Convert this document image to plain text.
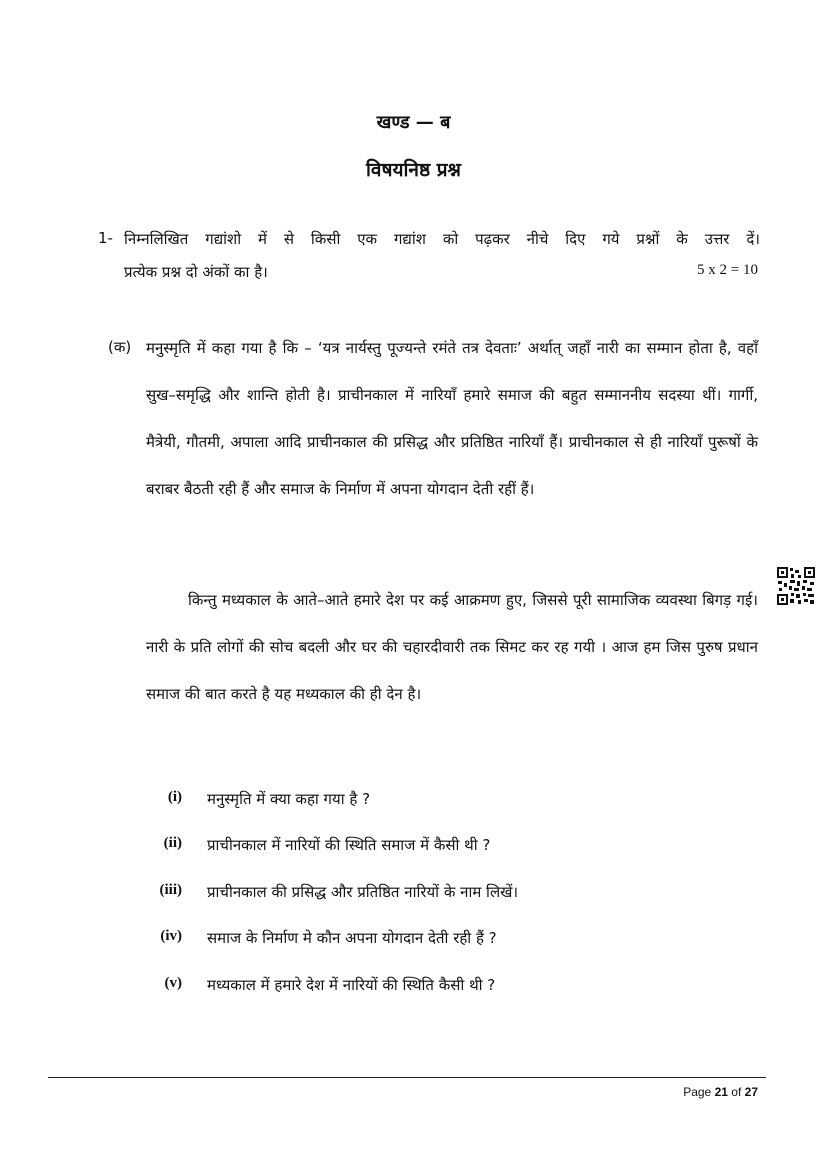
खण्ड — ब
विषयनिष्ठ प्रश्न
1- निम्नलिखित गद्यांशो में से किसी एक गद्यांश को पढ़कर नीचे दिए गये प्रश्नों के उत्तर दें।
प्रत्येक प्रश्न दो अंकों का है।	5 x 2 = 10
(क) मनुस्मृति में कहा गया है कि – ‘यत्र नार्यस्तु पूज्यन्ते रमंते तत्र देवताः’ अर्थात् जहाँ नारी का सम्मान होता है, वहाँ सुख–समृद्धि और शान्ति होती है। प्राचीनकाल में नारियाँ हमारे समाज की बहुत सम्माननीय सदस्या थीं। गार्गी, मैत्रेयी, गौतमी, अपाला आदि प्राचीनकाल की प्रसिद्ध और प्रतिष्ठित नारियाँ हैं। प्राचीनकाल से ही नारियाँ पुरूषों के बराबर बैठती रही हैं और समाज के निर्माण में अपना योगदान देती रहीं हैं।
किन्तु मध्यकाल के आते–आते हमारे देश पर कई आक्रमण हुए, जिससे पूरी सामाजिक व्यवस्था बिगड़ गई। नारी के प्रति लोगों की सोच बदली और घर की चहारदीवारी तक सिमट कर रह गयी । आज हम जिस पुरुष प्रधान समाज की बात करते है यह मध्यकाल की ही देन है।
(i) मनुस्मृति में क्या कहा गया है ?
(ii) प्राचीनकाल में नारियों की स्थिति समाज में कैसी थी ?
(iii) प्राचीनकाल की प्रसिद्ध और प्रतिष्ठित नारियों के नाम लिखें।
(iv) समाज के निर्माण मे कौन अपना योगदान देती रही हैं ?
(v) मध्यकाल में हमारे देश में नारियों की स्थिति कैसी थी ?
Page 21 of 27
